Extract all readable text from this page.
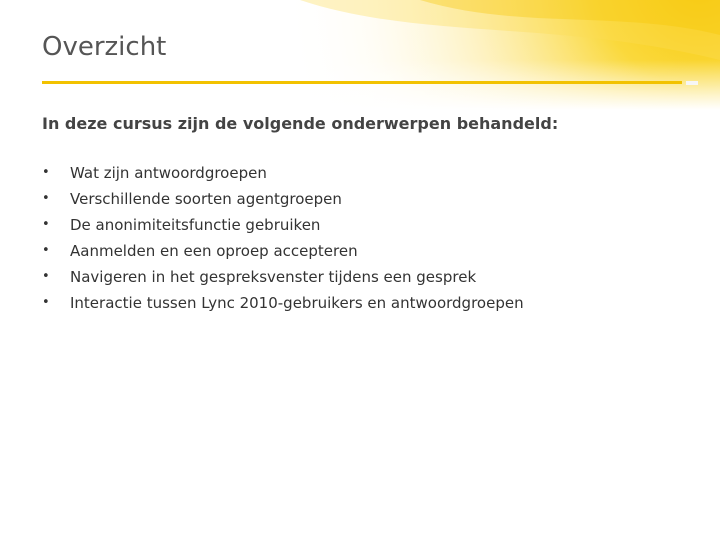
Overzicht

In deze cursus zijn de volgende onderwerpen behandeld:

• Wat zijn antwoordgroepen
• Verschillende soorten agentgroepen
• De anonimiteitsfunctie gebruiken
• Aanmelden en een oproep accepteren
• Navigeren in het gespreksvenster tijdens een gesprek
• Interactie tussen Lync 2010-gebruikers en antwoordgroepen
